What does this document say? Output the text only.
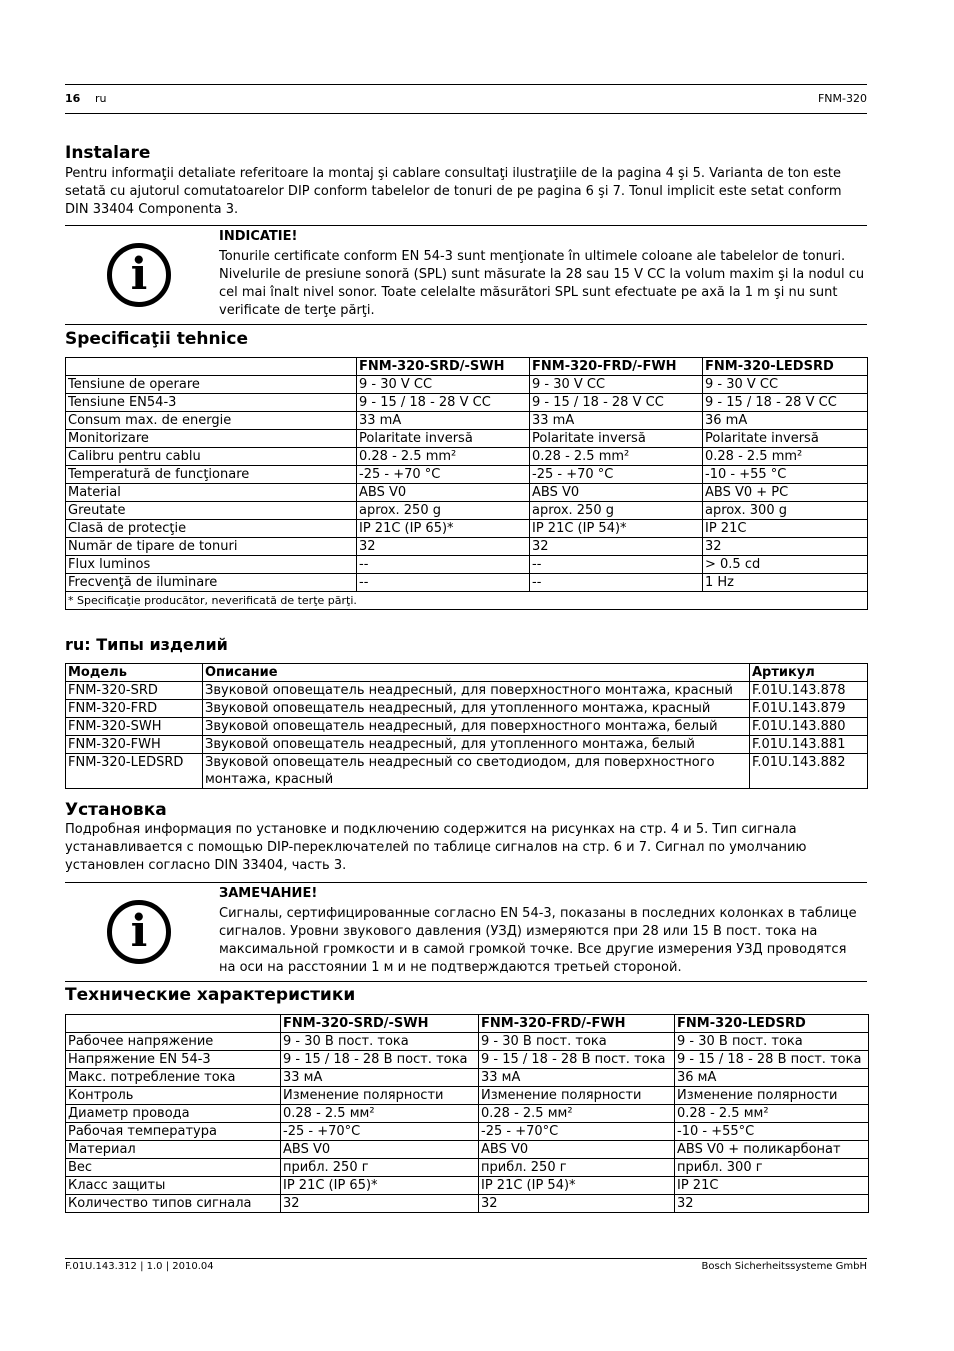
16 ru	FNM-320
Instalare
Pentru informaţii detaliate referitoare la montaj şi cablare consultaţi ilustraţiile de la pagina 4 şi 5. Varianta de ton este setată cu ajutorul comutatoarelor DIP conform tabelelor de tonuri de pe pagina 6 şi 7. Tonul implicit este setat conform DIN 33404 Componenta 3.
i
INDICATIE!
Tonurile certificate conform EN 54-3 sunt menţionate în ultimele coloane ale tabelelor de tonuri. Nivelurile de presiune sonoră (SPL) sunt măsurate la 28 sau 15 V CC la volum maxim şi la nodul cu cel mai înalt nivel sonor. Toate celelalte măsurători SPL sunt efectuate pe axă la 1 m şi nu sunt verificate de terţe părţi.
Specificaţii tehnice
	FNM-320-SRD/-SWH	FNM-320-FRD/-FWH	FNM-320-LEDSRD
Tensiune de operare	9 - 30 V CC	9 - 30 V CC	9 - 30 V CC
Tensiune EN54-3	9 - 15 / 18 - 28 V CC	9 - 15 / 18 - 28 V CC	9 - 15 / 18 - 28 V CC
Consum max. de energie	33 mA	33 mA	36 mA
Monitorizare	Polaritate inversă	Polaritate inversă	Polaritate inversă
Calibru pentru cablu	0.28 - 2.5 mm²	0.28 - 2.5 mm²	0.28 - 2.5 mm²
Temperatură de funcţionare	-25 - +70 °C	-25 - +70 °C	-10 - +55 °C
Material	ABS V0	ABS V0	ABS V0 + PC
Greutate	aprox. 250 g	aprox. 250 g	aprox. 300 g
Clasă de protecţie	IP 21C (IP 65)*	IP 21C (IP 54)*	IP 21C
Număr de tipare de tonuri	32	32	32
Flux luminos	--	--	> 0.5 cd
Frecvenţă de iluminare	--	--	1 Hz
* Specificaţie producător, neverificată de terţe părţi.			
ru: Типы изделий
Модель	Описание	Артикул
FNM-320-SRD	Звуковой оповещатель неадресный, для поверхностного монтажа, красный	F.01U.143.878
FNM-320-FRD	Звуковой оповещатель неадресный, для утопленного монтажа, красный	F.01U.143.879
FNM-320-SWH	Звуковой оповещатель неадресный, для поверхностного монтажа, белый	F.01U.143.880
FNM-320-FWH	Звуковой оповещатель неадресный, для утопленного монтажа, белый	F.01U.143.881
FNM-320-LEDSRD	Звуковой оповещатель неадресный со светодиодом, для поверхностного монтажа, красный	F.01U.143.882
Установка
Подробная информация по установке и подключению содержится на рисунках на стр. 4 и 5. Тип сигнала устанавливается с помощью DIP-переключателей по таблице сигналов на стр. 6 и 7. Сигнал по умолчанию установлен согласно DIN 33404, часть 3.
i
ЗАМЕЧАНИЕ!
Сигналы, сертифицированные согласно EN 54-3, показаны в последних колонках в таблице сигналов. Уровни звукового давления (УЗД) измеряются при 28 или 15 В пост. тока на максимальной громкости и в самой громкой точке. Все другие измерения УЗД проводятся на оси на расстоянии 1 м и не подтверждаются третьей стороной.
Технические характеристики
	FNM-320-SRD/-SWH	FNM-320-FRD/-FWH	FNM-320-LEDSRD
Рабочее напряжение	9 - 30 В пост. тока	9 - 30 В пост. тока	9 - 30 В пост. тока
Напряжение EN 54-3	9 - 15 / 18 - 28 В пост. тока	9 - 15 / 18 - 28 В пост. тока	9 - 15 / 18 - 28 В пост. тока
Макс. потребление тока	33 мА	33 мА	36 мА
Контроль	Изменение полярности	Изменение полярности	Изменение полярности
Диаметр провода	0.28 - 2.5 мм²	0.28 - 2.5 мм²	0.28 - 2.5 мм²
Рабочая температура	-25 - +70°C	-25 - +70°C	-10 - +55°C
Материал	ABS V0	ABS V0	ABS V0 + поликарбонат
Вес	прибл. 250 г	прибл. 250 г	прибл. 300 г
Класс защиты	IP 21C (IP 65)*	IP 21C (IP 54)*	IP 21C
Количество типов сигнала	32	32	32
F.01U.143.312 | 1.0 | 2010.04	Bosch Sicherheitssysteme GmbH
